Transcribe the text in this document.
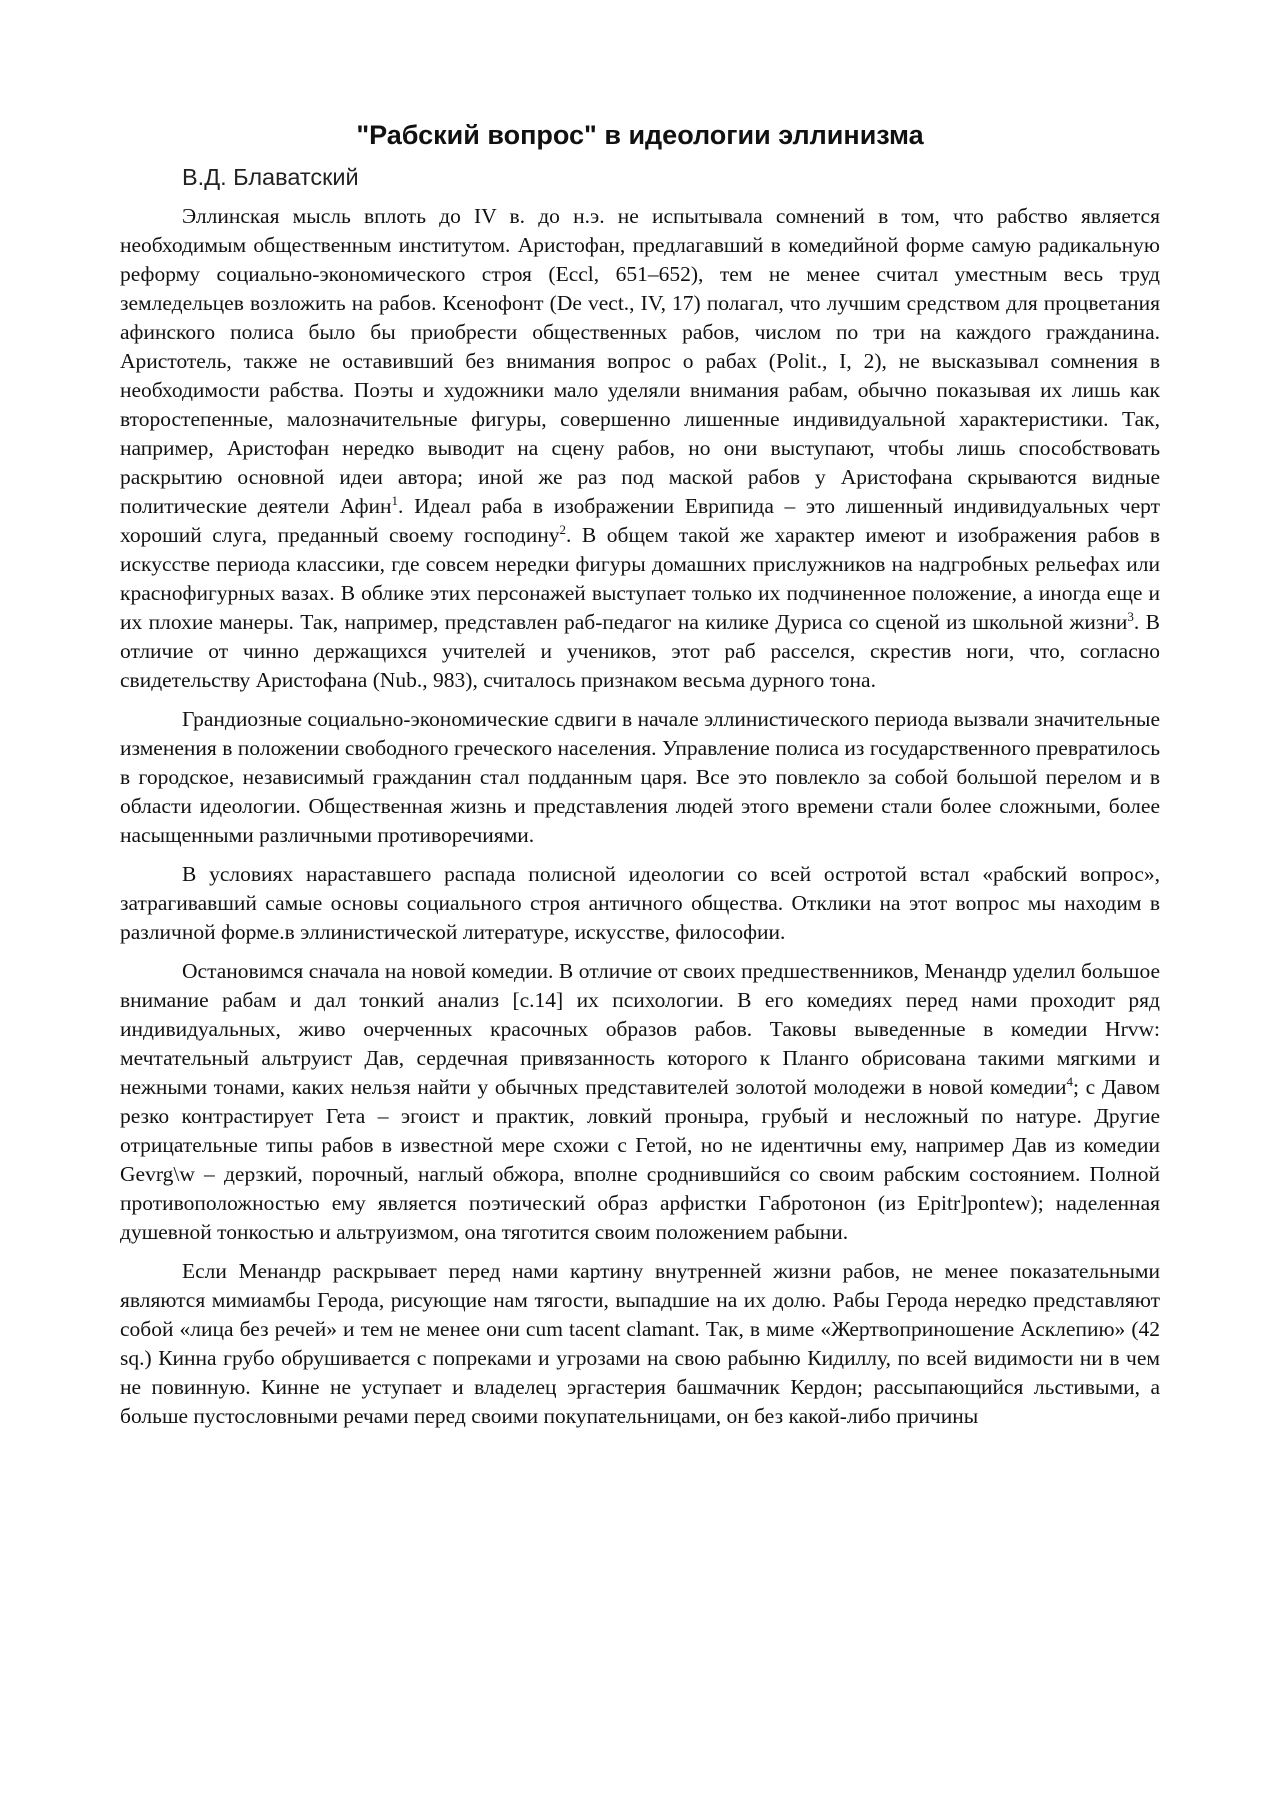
"Рабский вопрос" в идеологии эллинизма
В.Д. Блаватский

Эллинская мысль вплоть до IV в. до н.э. не испытывала сомнений в том, что рабство является необходимым общественным институтом. Аристофан, предлагавший в комедийной форме самую радикальную реформу социально-экономического строя (Eccl, 651–652), тем не менее считал уместным весь труд земледельцев возложить на рабов. Ксенофонт (De vect., IV, 17) полагал, что лучшим средством для процветания афинского полиса было бы приобрести общественных рабов, числом по три на каждого гражданина. Аристотель, также не оставивший без внимания вопрос о рабах (Polit., I, 2), не высказывал сомнения в необходимости рабства. Поэты и художники мало уделяли внимания рабам, обычно показывая их лишь как второстепенные, малозначительные фигуры, совершенно лишенные индивидуальной характеристики. Так, например, Аристофан нередко выводит на сцену рабов, но они выступают, чтобы лишь способствовать раскрытию основной идеи автора; иной же раз под маской рабов у Аристофана скрываются видные политические деятели Афин$^1$. Идеал раба в изображении Еврипида – это лишенный индивидуальных черт хороший слуга, преданный своему господину$^2$. В общем такой же характер имеют и изображения рабов в искусстве периода классики, где совсем нередки фигуры домашних прислужников на надгробных рельефах или краснофигурных вазах. В облике этих персонажей выступает только их подчиненное положение, а иногда еще и их плохие манеры. Так, например, представлен раб-педагог на килике Дуриса со сценой из школьной жизни$^3$. В отличие от чинно держащихся учителей и учеников, этот раб расселся, скрестив ноги, что, согласно свидетельству Аристофана (Nub., 983), считалось признаком весьма дурного тона.

Грандиозные социально-экономические сдвиги в начале эллинистического периода вызвали значительные изменения в положении свободного греческого населения. Управление полиса из государственного превратилось в городское, независимый гражданин стал подданным царя. Все это повлекло за собой большой перелом и в области идеологии. Общественная жизнь и представления людей этого времени стали более сложными, более насыщенными различными противоречиями.

В условиях нараставшего распада полисной идеологии со всей остротой встал «рабский вопрос», затрагивавший самые основы социального строя античного общества. Отклики на этот вопрос мы находим в различной форме.в эллинистической литературе, искусстве, философии.

Остановимся сначала на новой комедии. В отличие от своих предшественников, Менандр уделил большое внимание рабам и дал тонкий анализ [с.14] их психологии. В его комедиях перед нами проходит ряд индивидуальных, живо очерченных красочных образов рабов. Таковы выведенные в комедии Hrvw: мечтательный альтруист Дав, сердечная привязанность которого к Планго обрисована такими мягкими и нежными тонами, каких нельзя найти у обычных представителей золотой молодежи в новой комедии$^4$; с Давом резко контрастирует Гета – эгоист и практик, ловкий проныра, грубый и несложный по натуре. Другие отрицательные типы рабов в известной мере схожи с Гетой, но не идентичны ему, например Дав из комедии Gevrg\w – дерзкий, порочный, наглый обжора, вполне сроднившийся со своим рабским состоянием. Полной противоположностью ему является поэтический образ арфистки Габротонон (из Epitr]pontew); наделенная душевной тонкостью и альтруизмом, она тяготится своим положением рабыни.

Если Менандр раскрывает перед нами картину внутренней жизни рабов, не менее показательными являются мимиамбы Герода, рисующие нам тягости, выпадшие на их долю. Рабы Герода нередко представляют собой «лица без речей» и тем не менее они cum tacent clamant. Так, в миме «Жертвоприношение Асклепию» (42 sq.) Кинна грубо обрушивается с попреками и угрозами на свою рабыню Кидиллу, по всей видимости ни в чем не повинную. Кинне не уступает и владелец эргастерия башмачник Кердон; рассыпающийся льстивыми, а больше пустословными речами перед своими покупательницами, он без какой-либо причины
